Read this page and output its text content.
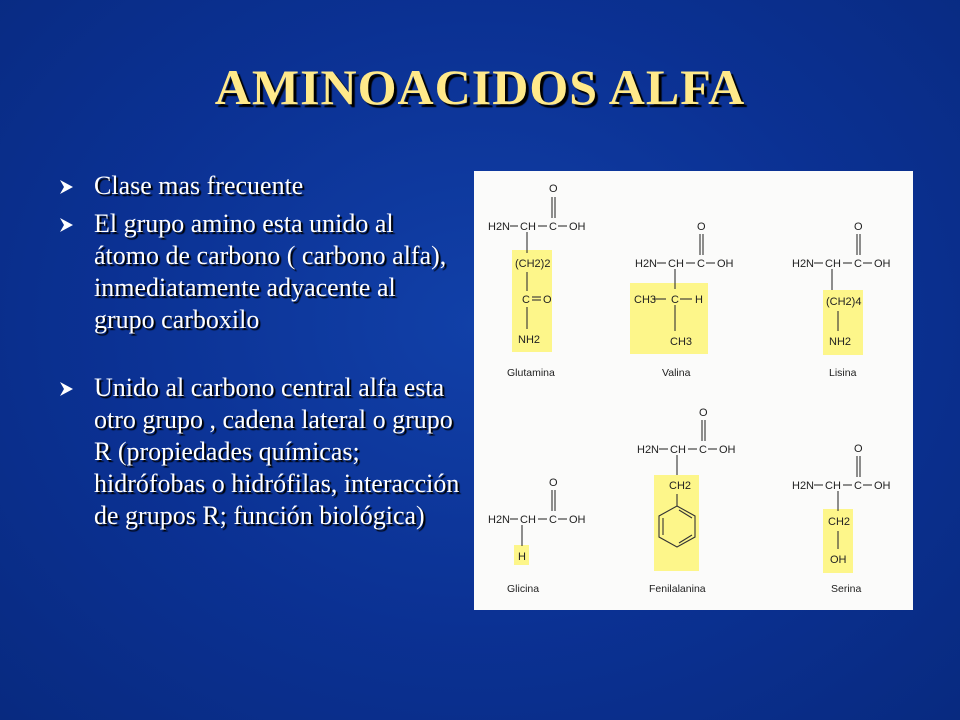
AMINOACIDOS ALFA
Clase mas frecuente
El grupo amino esta unido al átomo de carbono ( carbono alfa), inmediatamente adyacente al grupo carboxilo
Unido al carbono central alfa esta otro grupo , cadena lateral o grupo R (propiedades químicas; hidrófobas o hidrófilas, interacción de grupos R; función biológica)
H2N CH C OH
O
(CH2)2
C O
NH2
Glutamina
H2N CH C OH
O
CH3 C H
CH3
Valina
H2N CH C OH
O
(CH2)4
NH2
Lisina
H2N CH C OH
O
H
Glicina
H2N CH C OH
O
CH2
Fenilalanina
H2N CH C OH
O
CH2
OH
Serina
